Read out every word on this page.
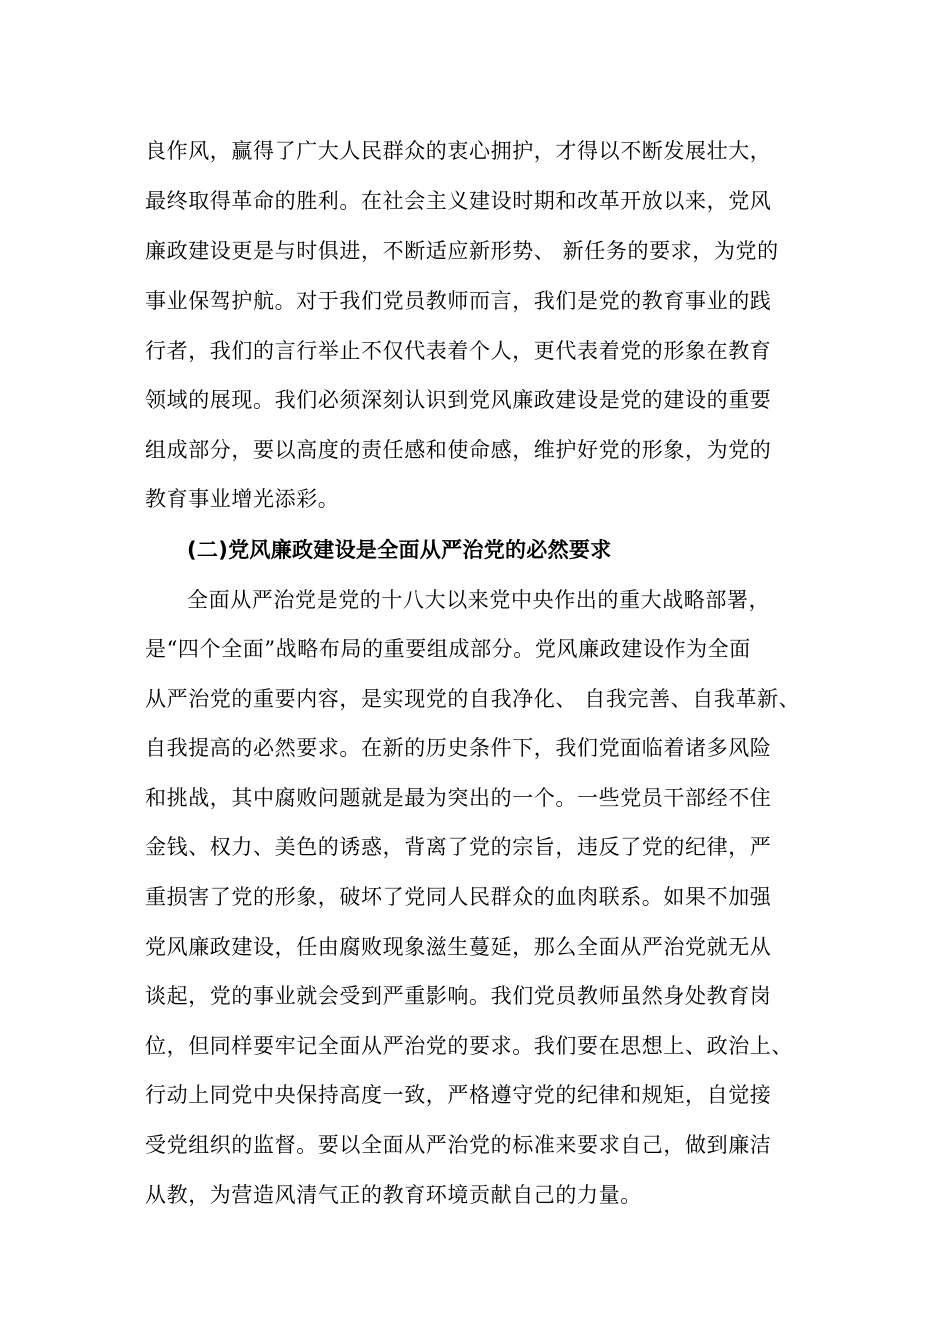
良作风，赢得了广大人民群众的衷心拥护，才得以不断发展壮大，
最终取得革命的胜利。在社会主义建设时期和改革开放以来，党风
廉政建设更是与时俱进，不断适应新形势、 新任务的要求，为党的
事业保驾护航。对于我们党员教师而言，我们是党的教育事业的践
行者，我们的言行举止不仅代表着个人，更代表着党的形象在教育
领域的展现。我们必须深刻认识到党风廉政建设是党的建设的重要
组成部分，要以高度的责任感和使命感，维护好党的形象，为党的
教育事业增光添彩。
(二)党风廉政建设是全面从严治党的必然要求
全面从严治党是党的十八大以来党中央作出的重大战略部署，
是“四个全面”战略布局的重要组成部分。党风廉政建设作为全面
从严治党的重要内容，是实现党的自我净化、 自我完善、自我革新、
自我提高的必然要求。在新的历史条件下，我们党面临着诸多风险
和挑战，其中腐败问题就是最为突出的一个。一些党员干部经不住
金钱、权力、美色的诱惑，背离了党的宗旨，违反了党的纪律，严
重损害了党的形象，破坏了党同人民群众的血肉联系。如果不加强
党风廉政建设，任由腐败现象滋生蔓延，那么全面从严治党就无从
谈起，党的事业就会受到严重影响。我们党员教师虽然身处教育岗
位，但同样要牢记全面从严治党的要求。我们要在思想上、政治上、
行动上同党中央保持高度一致，严格遵守党的纪律和规矩，自觉接
受党组织的监督。要以全面从严治党的标准来要求自己，做到廉洁
从教，为营造风清气正的教育环境贡献自己的力量。
